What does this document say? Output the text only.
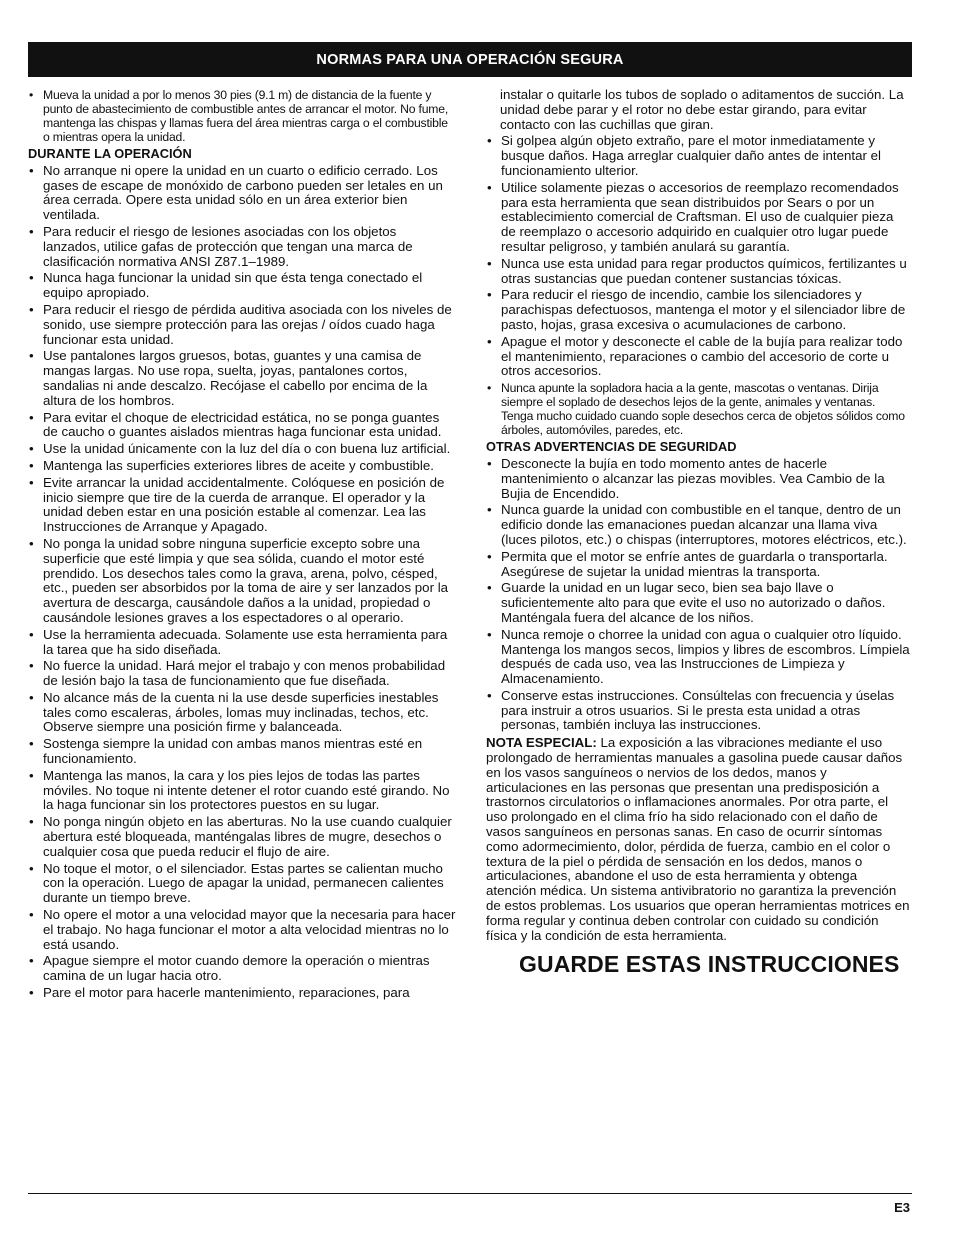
NORMAS PARA UNA OPERACIÓN SEGURA
• Mueva la unidad a por lo menos 30 pies (9.1 m) de distancia de la fuente y punto de abastecimiento de combustible antes de arrancar el motor. No fume, mantenga las chispas y llamas fuera del área mientras carga o el combustible o mientras opera la unidad.
DURANTE LA OPERACIÓN
• No arranque ni opere la unidad en un cuarto o edificio cerrado. Los gases de escape de monóxido de carbono pueden ser letales en un área cerrada. Opere esta unidad sólo en un área exterior bien ventilada.
• Para reducir el riesgo de lesiones asociadas con los objetos lanzados, utilice gafas de protección que tengan una marca de clasificación normativa ANSI Z87.1–1989.
• Nunca haga funcionar la unidad sin que ésta tenga conectado el equipo apropiado.
• Para reducir el riesgo de pérdida auditiva asociada con los niveles de sonido, use siempre protección para las orejas / oídos cuado haga funcionar esta unidad.
• Use pantalones largos gruesos, botas, guantes y una camisa de mangas largas. No use ropa, suelta, joyas, pantalones cortos, sandalias ni ande descalzo. Recójase el cabello por encima de la altura de los hombros.
• Para evitar el choque de electricidad estática, no se ponga guantes de caucho o guantes aislados mientras haga funcionar esta unidad.
• Use la unidad únicamente con la luz del día o con buena luz artificial.
• Mantenga las superficies exteriores libres de aceite y combustible.
• Evite arrancar la unidad accidentalmente. Colóquese en posición de inicio siempre que tire de la cuerda de arranque. El operador y la unidad deben estar en una posición estable al comenzar. Lea las Instrucciones de Arranque y Apagado.
• No ponga la unidad sobre ninguna superficie excepto sobre una superficie que esté limpia y que sea sólida, cuando el motor esté prendido. Los desechos tales como la grava, arena, polvo, césped, etc., pueden ser absorbidos por la toma de aire y ser lanzados por la avertura de descarga, causándole daños a la unidad, propiedad o causándole lesiones graves a los espectadores o al operario.
• Use la herramienta adecuada. Solamente use esta herramienta para la tarea que ha sido diseñada.
• No fuerce la unidad. Hará mejor el trabajo y con menos probabilidad de lesión bajo la tasa de funcionamiento que fue diseñada.
• No alcance más de la cuenta ni la use desde superficies inestables tales como escaleras, árboles, lomas muy inclinadas, techos, etc. Observe siempre una posición firme y balanceada.
• Sostenga siempre la unidad con ambas manos mientras esté en funcionamiento.
• Mantenga las manos, la cara y los pies lejos de todas las partes móviles. No toque ni intente detener el rotor cuando esté girando. No la haga funcionar sin los protectores puestos en su lugar.
• No ponga ningún objeto en las aberturas. No la use cuando cualquier abertura esté bloqueada, manténgalas libres de mugre, desechos o cualquier cosa que pueda reducir el flujo de aire.
• No toque el motor, o el silenciador. Estas partes se calientan mucho con la operación. Luego de apagar la unidad, permanecen calientes durante un tiempo breve.
• No opere el motor a una velocidad mayor que la necesaria para hacer el trabajo. No haga funcionar el motor a alta velocidad mientras no lo está usando.
• Apague siempre el motor cuando demore la operación o mientras camina de un lugar hacia otro.
• Pare el motor para hacerle mantenimiento, reparaciones, para
instalar o quitarle los tubos de soplado o aditamentos de succión. La unidad debe parar y el rotor no debe estar girando, para evitar contacto con las cuchillas que giran.
• Si golpea algún objeto extraño, pare el motor inmediatamente y busque daños. Haga arreglar cualquier daño antes de intentar el funcionamiento ulterior.
• Utilice solamente piezas o accesorios de reemplazo recomendados para esta herramienta que sean distribuidos por Sears o por un establecimiento comercial de Craftsman. El uso de cualquier pieza de reemplazo o accesorio adquirido en cualquier otro lugar puede resultar peligroso, y también anulará su garantía.
• Nunca use esta unidad para regar productos químicos, fertilizantes u otras sustancias que puedan contener sustancias tóxicas.
• Para reducir el riesgo de incendio, cambie los silenciadores y parachispas defectuosos, mantenga el motor y el silenciador libre de pasto, hojas, grasa excesiva o acumulaciones de carbono.
• Apague el motor y desconecte el cable de la bujía para realizar todo el mantenimiento, reparaciones o cambio del accesorio de corte u otros accesorios.
• Nunca apunte la sopladora hacia a la gente, mascotas o ventanas. Dirija siempre el soplado de desechos lejos de la gente, animales y ventanas. Tenga mucho cuidado cuando sople desechos cerca de objetos sólidos como árboles, automóviles, paredes, etc.
OTRAS ADVERTENCIAS DE SEGURIDAD
• Desconecte la bujía en todo momento antes de hacerle mantenimiento o alcanzar las piezas movibles. Vea Cambio de la Bujia de Encendido.
• Nunca guarde la unidad con combustible en el tanque, dentro de un edificio donde las emanaciones puedan alcanzar una llama viva (luces pilotos, etc.) o chispas (interruptores, motores eléctricos, etc.).
• Permita que el motor se enfríe antes de guardarla o transportarla. Asegúrese de sujetar la unidad mientras la transporta.
• Guarde la unidad en un lugar seco, bien sea bajo llave o suficientemente alto para que evite el uso no autorizado o daños. Manténgala fuera del alcance de los niños.
• Nunca remoje o chorree la unidad con agua o cualquier otro líquido. Mantenga los mangos secos, limpios y libres de escombros. Límpiela después de cada uso, vea las Instrucciones de Limpieza y Almacenamiento.
• Conserve estas instrucciones. Consúltelas con frecuencia y úselas para instruir a otros usuarios. Si le presta esta unidad a otras personas, también incluya las instrucciones.
NOTA ESPECIAL: La exposición a las vibraciones mediante el uso prolongado de herramientas manuales a gasolina puede causar daños en los vasos sanguíneos o nervios de los dedos, manos y articulaciones en las personas que presentan una predisposición a trastornos circulatorios o inflamaciones anormales. Por otra parte, el uso prolongado en el clima frío ha sido relacionado con el daño de vasos sanguíneos en personas sanas. En caso de ocurrir síntomas como adormecimiento, dolor, pérdida de fuerza, cambio en el color o textura de la piel o pérdida de sensación en los dedos, manos o articulaciones, abandone el uso de esta herramienta y obtenga atención médica. Un sistema antivibratorio no garantiza la prevención de estos problemas. Los usuarios que operan herramientas motrices en forma regular y continua deben controlar con cuidado su condición física y la condición de esta herramienta.
GUARDE ESTAS INSTRUCCIONES
E3
